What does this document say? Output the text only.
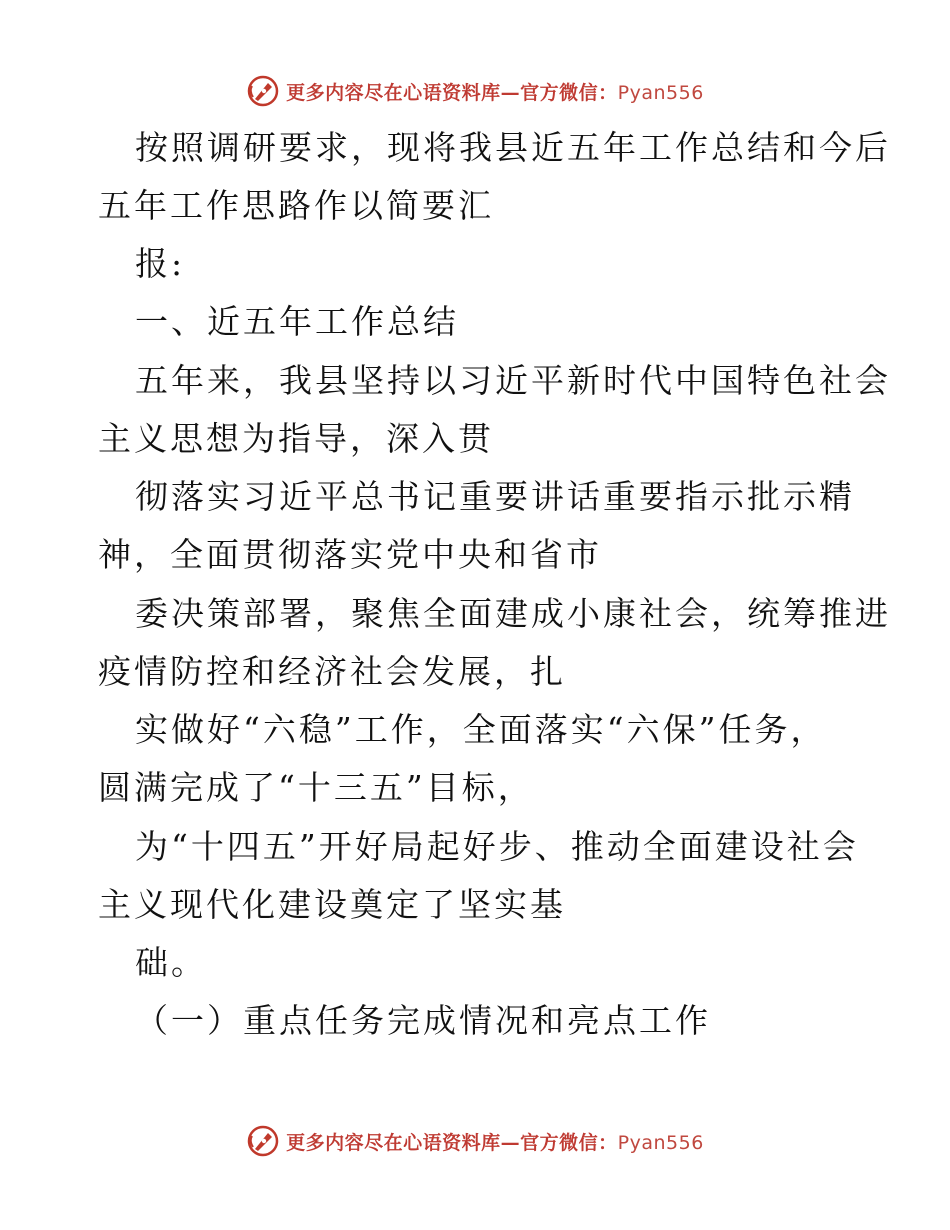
更多内容尽在心语资料库—官方微信：Pyan556
按照调研要求，现将我县近五年工作总结和今后
五年工作思路作以简要汇
报:
一、近五年工作总结
五年来，我县坚持以习近平新时代中国特色社会
主义思想为指导，深入贯
彻落实习近平总书记重要讲话重要指示批示精
神，全面贯彻落实党中央和省市
委决策部署，聚焦全面建成小康社会，统筹推进
疫情防控和经济社会发展，扎
实做好“六稳”工作，全面落实“六保”任务，
圆满完成了“十三五”目标，
为“十四五”开好局起好步、推动全面建设社会
主义现代化建设奠定了坚实基
础。
（一）重点任务完成情况和亮点工作
更多内容尽在心语资料库—官方微信：Pyan556
